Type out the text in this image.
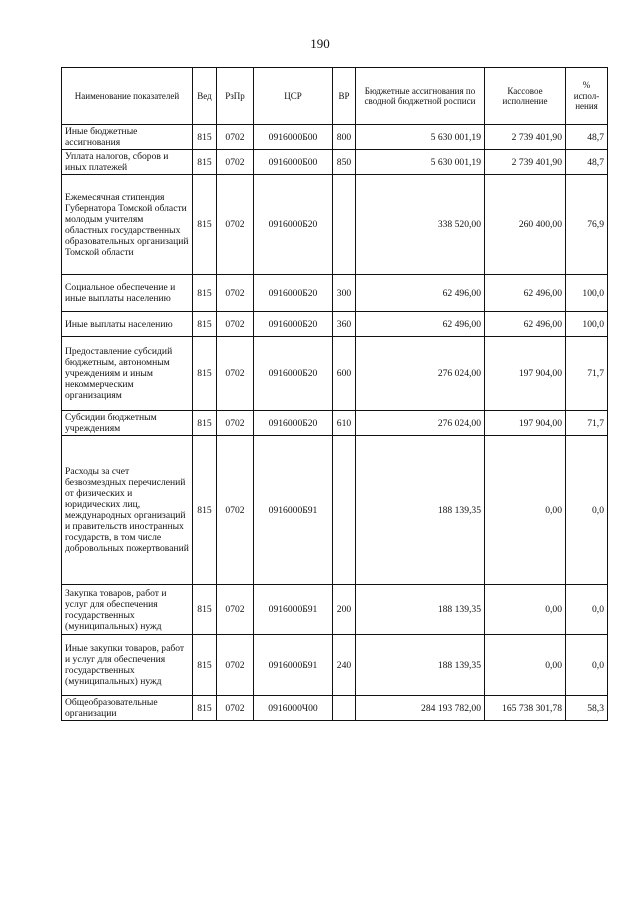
190
Наименование показателей	Вед	РзПр	ЦСР	ВР	Бюджетные ассигнования по сводной бюджетной росписи	Кассовое исполнение	% испол-нения
Иные бюджетные ассигнования	815	0702	0916000Б00	800	5 630 001,19	2 739 401,90	48,7
Уплата налогов, сборов и иных платежей	815	0702	0916000Б00	850	5 630 001,19	2 739 401,90	48,7
Ежемесячная стипендия Губернатора Томской области молодым учителям областных государственных образовательных организаций Томской области	815	0702	0916000Б20		338 520,00	260 400,00	76,9
Социальное обеспечение и иные выплаты населению	815	0702	0916000Б20	300	62 496,00	62 496,00	100,0
Иные выплаты населению	815	0702	0916000Б20	360	62 496,00	62 496,00	100,0
Предоставление субсидий бюджетным, автономным учреждениям и иным некоммерческим организациям	815	0702	0916000Б20	600	276 024,00	197 904,00	71,7
Субсидии бюджетным учреждениям	815	0702	0916000Б20	610	276 024,00	197 904,00	71,7
Расходы за счет безвозмездных перечислений от физических и юридических лиц, международных организаций и правительств иностранных государств, в том числе добровольных пожертвований	815	0702	0916000Б91		188 139,35	0,00	0,0
Закупка товаров, работ и услуг для обеспечения государственных (муниципальных) нужд	815	0702	0916000Б91	200	188 139,35	0,00	0,0
Иные закупки товаров, работ и услуг для обеспечения государственных (муниципальных) нужд	815	0702	0916000Б91	240	188 139,35	0,00	0,0
Общеобразовательные организации	815	0702	0916000Ч00		284 193 782,00	165 738 301,78	58,3
